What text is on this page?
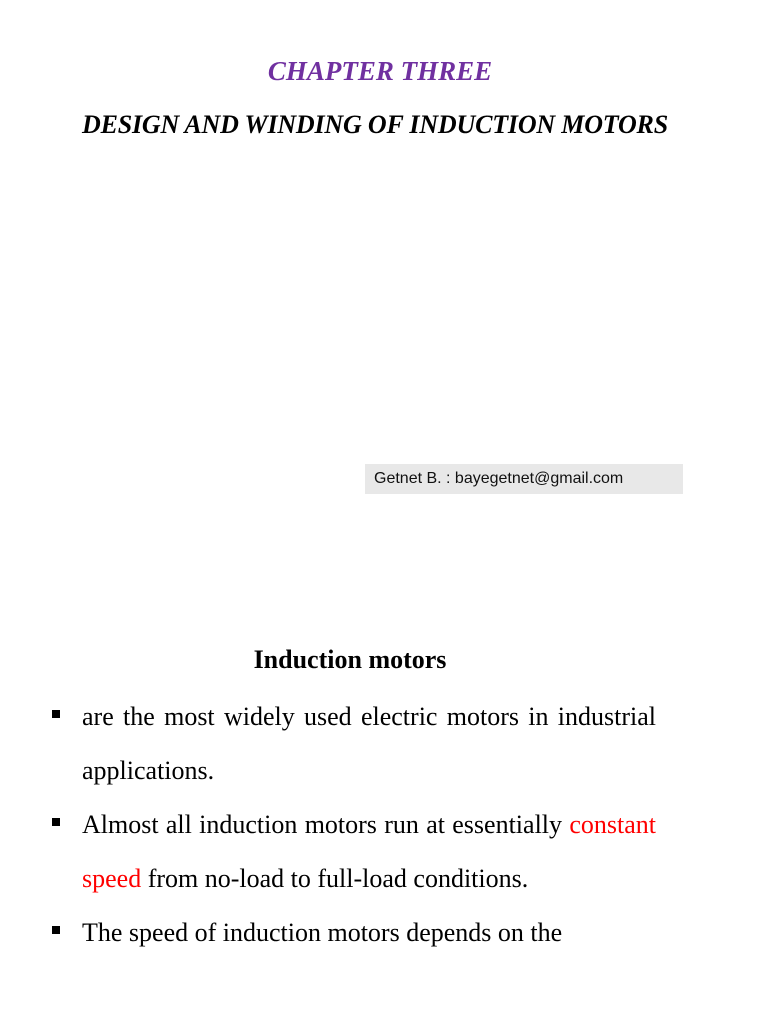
CHAPTER THREE
DESIGN AND WINDING OF INDUCTION MOTORS
Getnet B. : bayegetnet@gmail.com
Induction motors
are the most widely used electric motors in industrial applications.
Almost all induction motors run at essentially constant speed from no-load to full-load conditions.
The speed of induction motors depends on the
